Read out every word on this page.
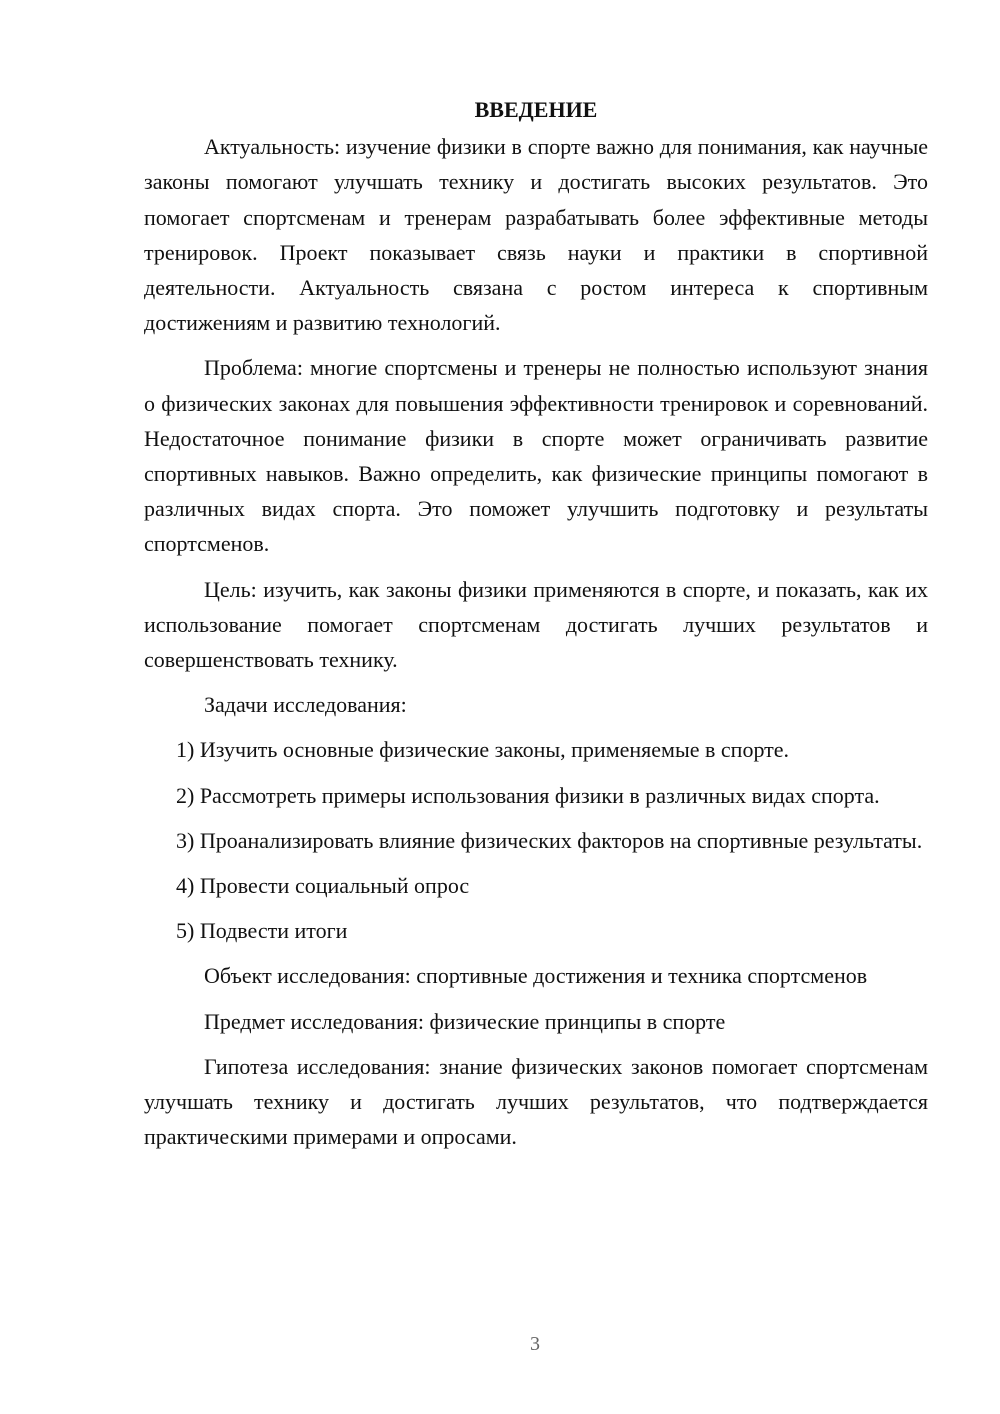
ВВЕДЕНИЕ

Актуальность: изучение физики в спорте важно для понимания, как научные законы помогают улучшать технику и достигать высоких результатов. Это помогает спортсменам и тренерам разрабатывать более эффективные методы тренировок. Проект показывает связь науки и практики в спортивной деятельности. Актуальность связана с ростом интереса к спортивным достижениям и развитию технологий.

Проблема: многие спортсмены и тренеры не полностью используют знания о физических законах для повышения эффективности тренировок и соревнований. Недостаточное понимание физики в спорте может ограничивать развитие спортивных навыков. Важно определить, как физические принципы помогают в различных видах спорта. Это поможет улучшить подготовку и результаты спортсменов.

Цель: изучить, как законы физики применяются в спорте, и показать, как их использование помогает спортсменам достигать лучших результатов и совершенствовать технику.

Задачи исследования:

1) Изучить основные физические законы, применяемые в спорте.

2) Рассмотреть примеры использования физики в различных видах спорта.

3) Проанализировать влияние физических факторов на спортивные результаты.

4) Провести социальный опрос

5) Подвести итоги

Объект исследования: спортивные достижения и техника спортсменов

Предмет исследования: физические принципы в спорте

Гипотеза исследования: знание физических законов помогает спортсменам улучшать технику и достигать лучших результатов, что подтверждается практическими примерами и опросами.

3
